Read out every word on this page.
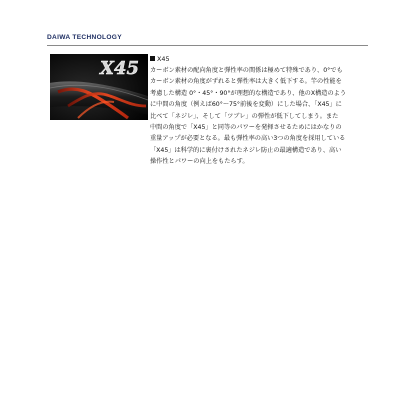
DAIWA TECHNOLOGY
X45	X45
カーボン素材の配向角度と弾性率の関係は極めて特殊であり、0°でも
カーボン素材の角度がずれると弾性率は大きく低下する。竿の性能を
考慮した構造 0°・45°・90°が理想的な構造であり、他のX構造のよう
に中間の角度（例えば60°〜75°前後を変動）にした場合、「X45」に
比べて「ネジレ」、そして「ツブレ」の弾性が低下してしまう。また
中間の角度で「X45」と同等のパワーを発揮させるためにはかなりの
重量アップが必要となる。最も弾性率の高い3つの角度を採用している
「X45」は科学的に裏付けされたネジレ防止の最適構造であり、高い
操作性とパワーの向上をもたらす。
